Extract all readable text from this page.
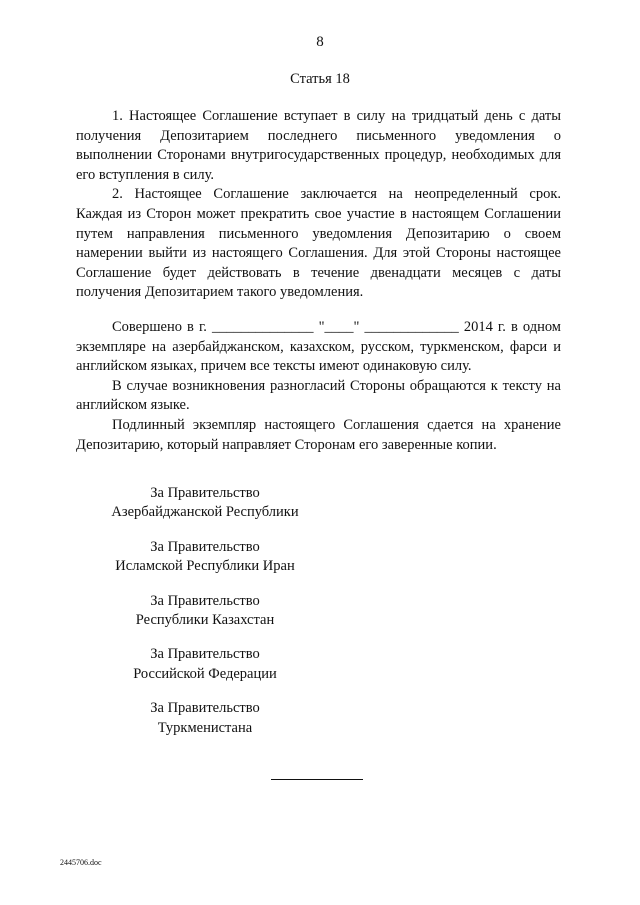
8
Статья 18

1. Настоящее Соглашение вступает в силу на тридцатый день с даты получения Депозитарием последнего письменного уведомления о выполнении Сторонами внутригосударственных процедур, необходимых для его вступления в силу.

2. Настоящее Соглашение заключается на неопределенный срок. Каждая из Сторон может прекратить свое участие в настоящем Соглашении путем направления письменного уведомления Депозитарию о своем намерении выйти из настоящего Соглашения. Для этой Стороны настоящее Соглашение будет действовать в течение двенадцати месяцев с даты получения Депозитарием такого уведомления.

Совершено в г. ______________ "____" _____________ 2014 г. в одном экземпляре на азербайджанском, казахском, русском, туркменском, фарси и английском языках, причем все тексты имеют одинаковую силу.

В случае возникновения разногласий Стороны обращаются к тексту на английском языке.

Подлинный экземпляр настоящего Соглашения сдается на хранение Депозитарию, который направляет Сторонам его заверенные копии.

За Правительство
Азербайджанской Республики
За Правительство
Исламской Республики Иран
За Правительство
Республики Казахстан
За Правительство
Российской Федерации
За Правительство
Туркменистана
2445706.doc
